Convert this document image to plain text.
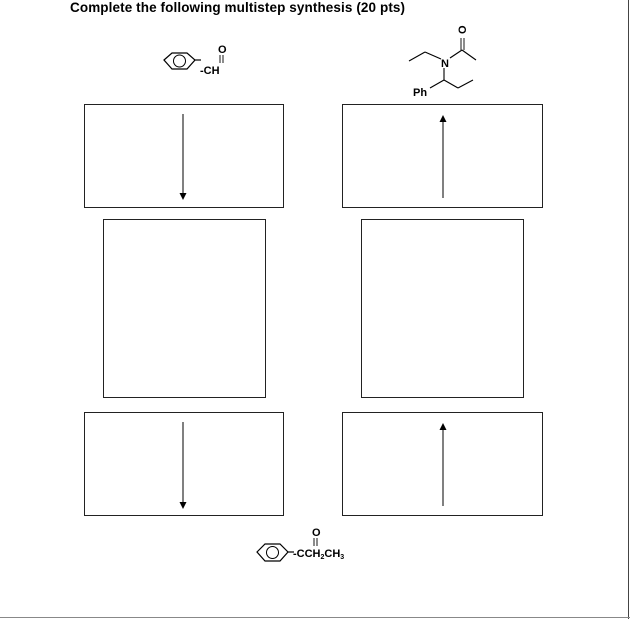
Complete the following multistep synthesis (20 pts)
O
-CH
O
N
Ph
O
-CCH2CH3
